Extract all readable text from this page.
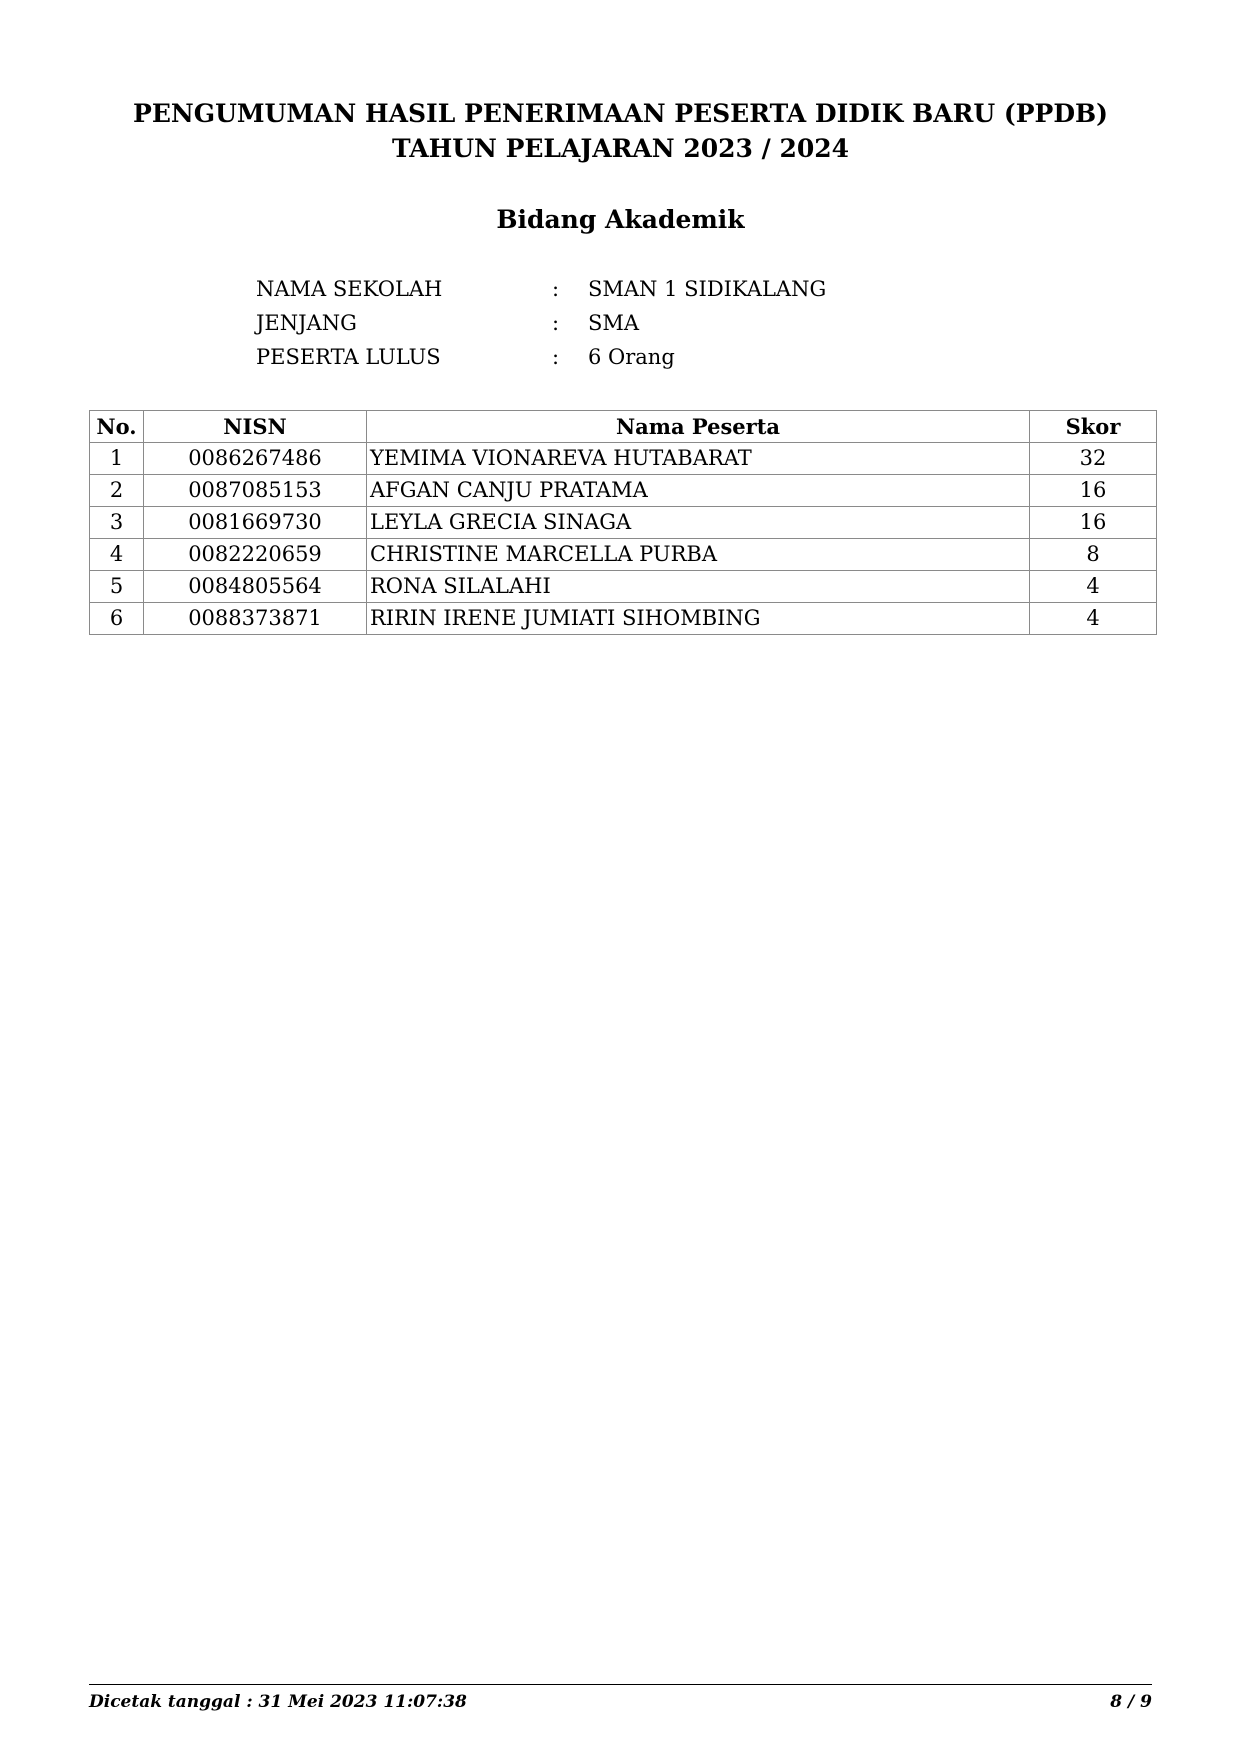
PENGUMUMAN HASIL PENERIMAAN PESERTA DIDIK BARU (PPDB)
TAHUN PELAJARAN 2023 / 2024
Bidang Akademik
NAMA SEKOLAH	: SMAN 1 SIDIKALANG
JENJANG	: SMA
PESERTA LULUS	: 6 Orang
No.	NISN	Nama Peserta	Skor
1	0086267486	YEMIMA VIONAREVA HUTABARAT	32
2	0087085153	AFGAN CANJU PRATAMA	16
3	0081669730	LEYLA GRECIA SINAGA	16
4	0082220659	CHRISTINE MARCELLA PURBA	8
5	0084805564	RONA SILALAHI	4
6	0088373871	RIRIN IRENE JUMIATI SIHOMBING	4
Dicetak tanggal : 31 Mei 2023 11:07:38	8 / 9
